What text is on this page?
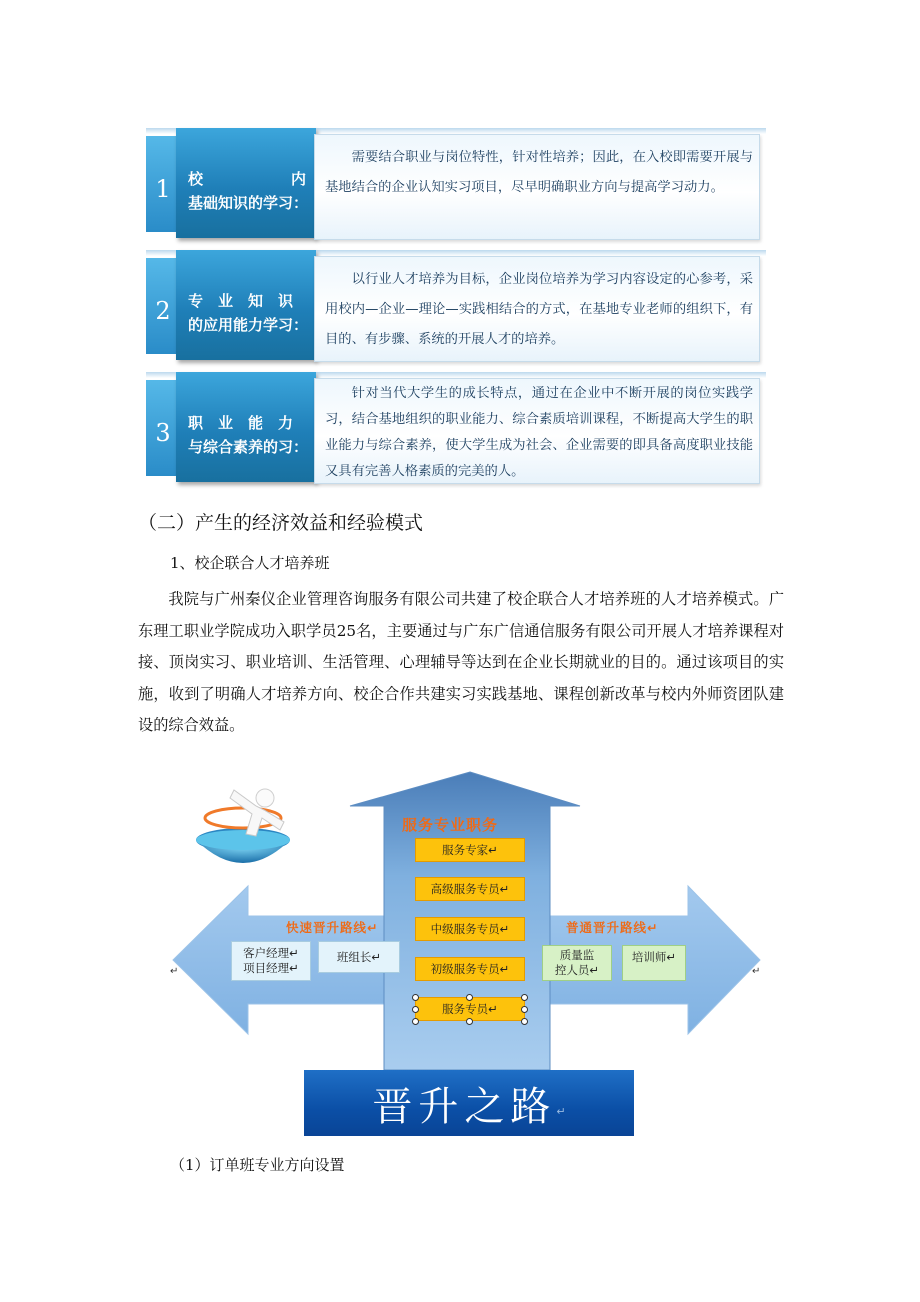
1 校	内
基础知识的学习：

需要结合职业与岗位特性，针对性培养；因此，在入校即需要开展与基地结合的企业认知实习项目，尽早明确职业方向与提高学习动力。

2 专　业　知　识
的应用能力学习：

以行业人才培养为目标，企业岗位培养为学习内容设定的心参考，采用校内—企业—理论—实践相结合的方式，在基地专业老师的组织下，有目的、有步骤、系统的开展人才的培养。

3 职　业　能　力
与综合素养的习：

针对当代大学生的成长特点，通过在企业中不断开展的岗位实践学习，结合基地组织的职业能力、综合素质培训课程，不断提高大学生的职业能力与综合素养，使大学生成为社会、企业需要的即具备高度职业技能又具有完善人格素质的完美的人。

（二）产生的经济效益和经验模式
1、校企联合人才培养班

我院与广州秦仪企业管理咨询服务有限公司共建了校企联合人才培养班的人才培养模式。广东理工职业学院成功入职学员25名，主要通过与广东广信通信服务有限公司开展人才培养课程对接、顶岗实习、职业培训、生活管理、心理辅导等达到在企业长期就业的目的。通过该项目的实施，收到了明确人才培养方向、校企合作共建实习实践基地、课程创新改革与校内外师资团队建设的综合效益。

服务专业职务
服务专家↵
高级服务专员↵
中级服务专员↵
初级服务专员↵
服务专员↵
快速晋升路线↵	普通晋升路线↵
客户经理↵
项目经理↵
班组长↵	质量监
控人员↵
培训师↵
↵	↵
晋升之路 ↵
（1）订单班专业方向设置
